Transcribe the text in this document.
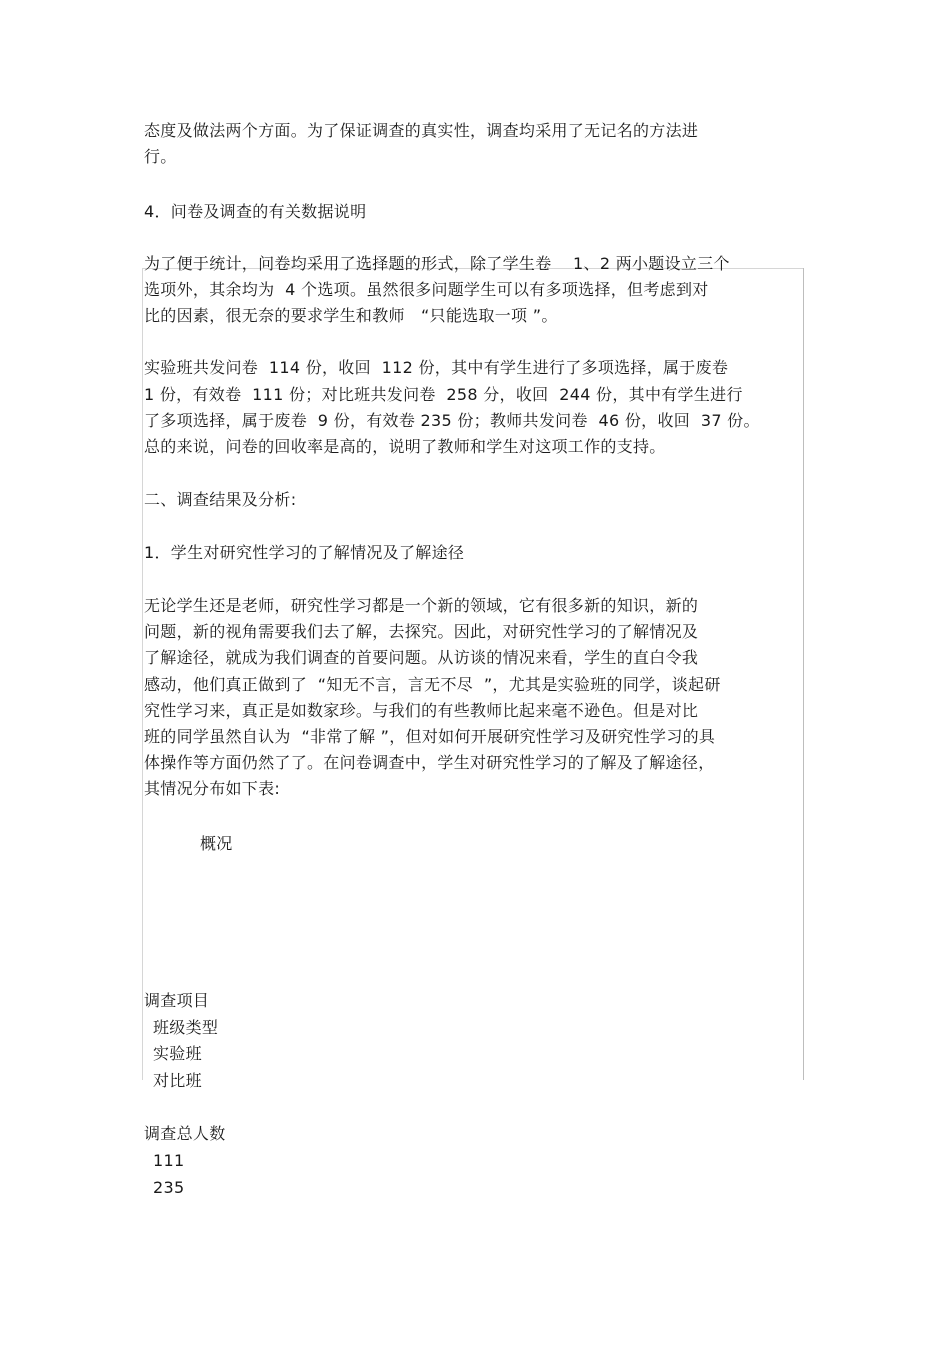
态度及做法两个方面。为了保证调查的真实性，调查均采用了无记名的方法进
行。
4．问卷及调查的有关数据说明
为了便于统计，问卷均采用了选择题的形式，除了学生卷    1、2 两小题设立三个
选项外，其余均为  4 个选项。虽然很多问题学生可以有多项选择，但考虑到对
比的因素，很无奈的要求学生和教师   “只能选取一项 ”。
实验班共发问卷  114 份，收回  112 份，其中有学生进行了多项选择，属于废卷
1 份，有效卷  111 份；对比班共发问卷  258 分，收回  244 份，其中有学生进行
了多项选择，属于废卷  9 份，有效卷 235 份；教师共发问卷  46 份，收回  37 份。
总的来说，问卷的回收率是高的，说明了教师和学生对这项工作的支持。
二、调查结果及分析:
1．学生对研究性学习的了解情况及了解途径
无论学生还是老师，研究性学习都是一个新的领域，它有很多新的知识，新的
问题，新的视角需要我们去了解，去探究。因此，对研究性学习的了解情况及
了解途径，就成为我们调查的首要问题。从访谈的情况来看，学生的直白令我
感动，他们真正做到了  “知无不言，言无不尽  ”，尤其是实验班的同学，谈起研
究性学习来，真正是如数家珍。与我们的有些教师比起来毫不逊色。但是对比
班的同学虽然自认为  “非常了解 ”，但对如何开展研究性学习及研究性学习的具
体操作等方面仍然了了。在问卷调查中，学生对研究性学习的了解及了解途径，
其情况分布如下表:
概况
调查项目
班级类型
实验班
对比班
调查总人数
111
235
